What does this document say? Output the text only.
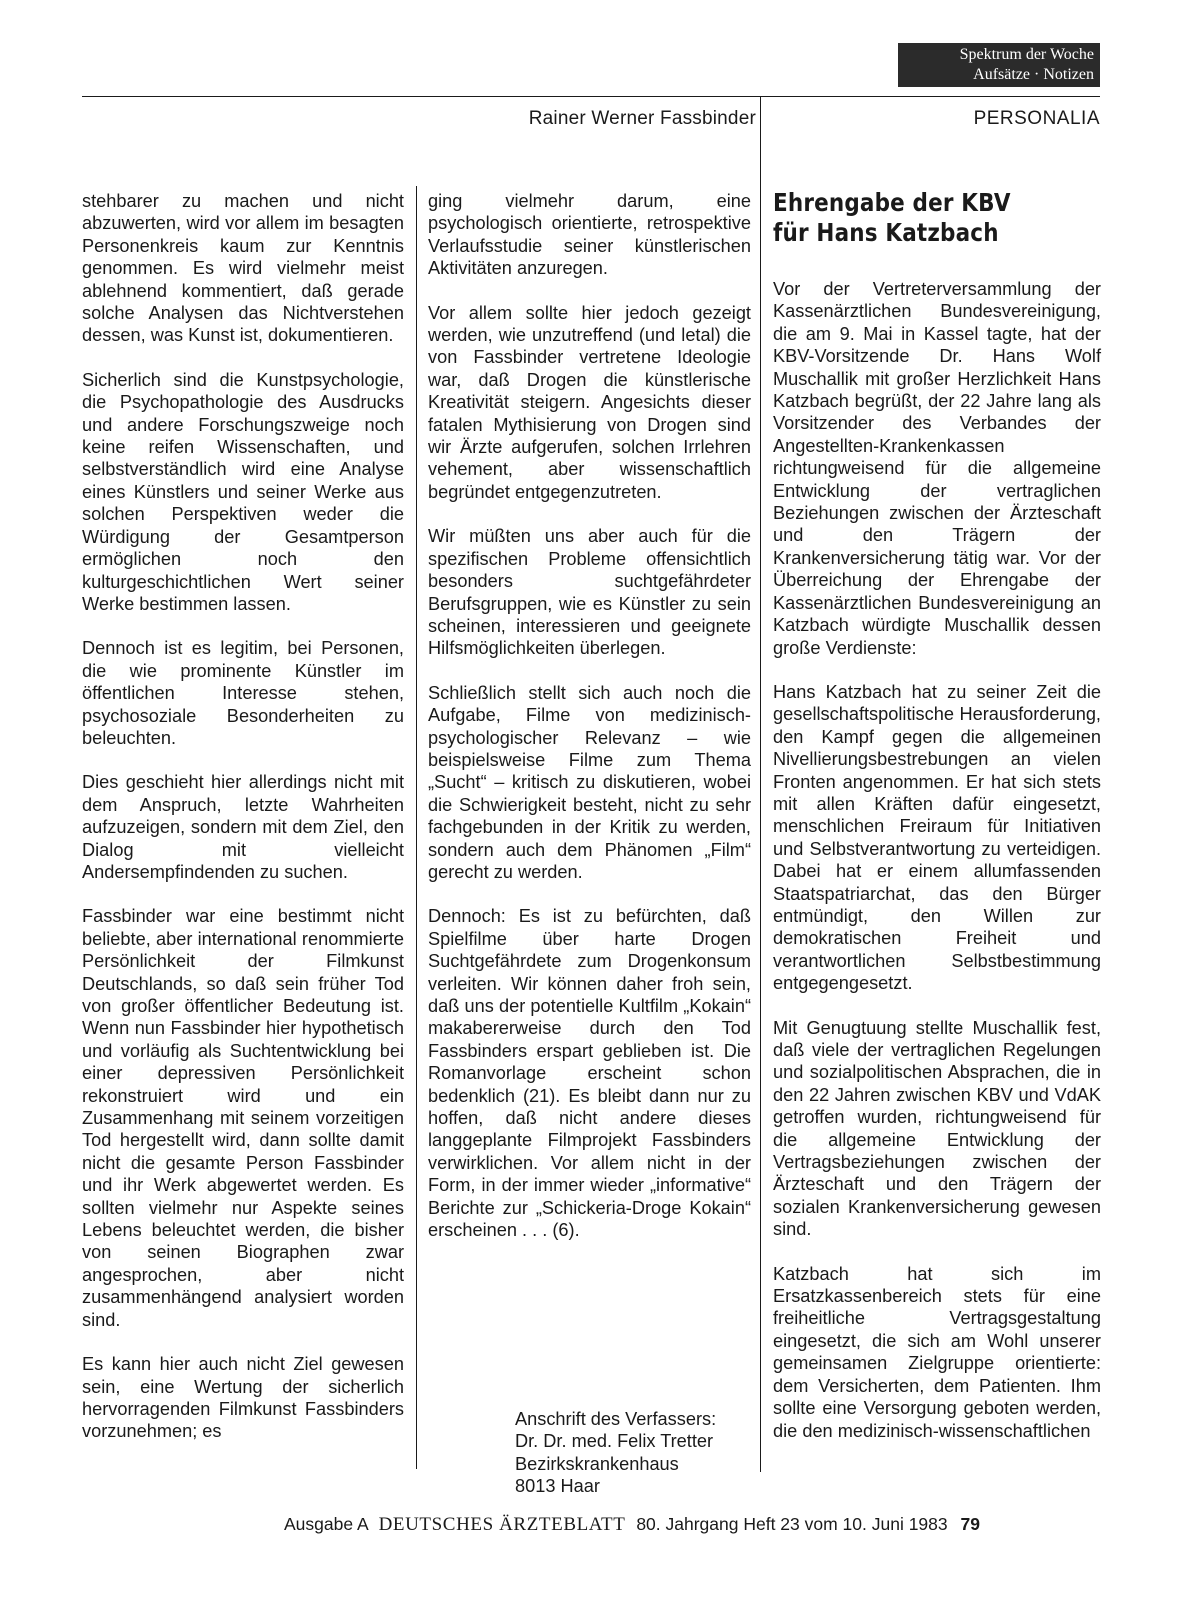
Spektrum der Woche
Aufsätze · Notizen
Rainer Werner Fassbinder	PERSONALIA

stehbarer zu machen und nicht abzuwerten, wird vor allem im besagten Personenkreis kaum zur Kenntnis genommen. Es wird vielmehr meist ablehnend kommentiert, daß gerade solche Analysen das Nichtverstehen dessen, was Kunst ist, dokumentieren.

Sicherlich sind die Kunstpsychologie, die Psychopathologie des Ausdrucks und andere Forschungszweige noch keine reifen Wissenschaften, und selbstverständlich wird eine Analyse eines Künstlers und seiner Werke aus solchen Perspektiven weder die Würdigung der Gesamtperson ermöglichen noch den kulturgeschichtlichen Wert seiner Werke bestimmen lassen.

Dennoch ist es legitim, bei Personen, die wie prominente Künstler im öffentlichen Interesse stehen, psychosoziale Besonderheiten zu beleuchten.

Dies geschieht hier allerdings nicht mit dem Anspruch, letzte Wahrheiten aufzuzeigen, sondern mit dem Ziel, den Dialog mit vielleicht Andersempfindenden zu suchen.

Fassbinder war eine bestimmt nicht beliebte, aber international renommierte Persönlichkeit der Filmkunst Deutschlands, so daß sein früher Tod von großer öffentlicher Bedeutung ist. Wenn nun Fassbinder hier hypothetisch und vorläufig als Suchtentwicklung bei einer depressiven Persönlichkeit rekonstruiert wird und ein Zusammenhang mit seinem vorzeitigen Tod hergestellt wird, dann sollte damit nicht die gesamte Person Fassbinder und ihr Werk abgewertet werden. Es sollten vielmehr nur Aspekte seines Lebens beleuchtet werden, die bisher von seinen Biographen zwar angesprochen, aber nicht zusammenhängend analysiert worden sind.

Es kann hier auch nicht Ziel gewesen sein, eine Wertung der sicherlich hervorragenden Filmkunst Fassbinders vorzunehmen; es

ging vielmehr darum, eine psychologisch orientierte, retrospektive Verlaufsstudie seiner künstlerischen Aktivitäten anzuregen.

Vor allem sollte hier jedoch gezeigt werden, wie unzutreffend (und letal) die von Fassbinder vertretene Ideologie war, daß Drogen die künstlerische Kreativität steigern. Angesichts dieser fatalen Mythisierung von Drogen sind wir Ärzte aufgerufen, solchen Irrlehren vehement, aber wissenschaftlich begründet entgegenzutreten.

Wir müßten uns aber auch für die spezifischen Probleme offensichtlich besonders suchtgefährdeter Berufsgruppen, wie es Künstler zu sein scheinen, interessieren und geeignete Hilfsmöglichkeiten überlegen.

Schließlich stellt sich auch noch die Aufgabe, Filme von medizinisch-psychologischer Relevanz – wie beispielsweise Filme zum Thema „Sucht“ – kritisch zu diskutieren, wobei die Schwierigkeit besteht, nicht zu sehr fachgebunden in der Kritik zu werden, sondern auch dem Phänomen „Film“ gerecht zu werden.

Dennoch: Es ist zu befürchten, daß Spielfilme über harte Drogen Suchtgefährdete zum Drogenkonsum verleiten. Wir können daher froh sein, daß uns der potentielle Kultfilm „Kokain“ makabererweise durch den Tod Fassbinders erspart geblieben ist. Die Romanvorlage erscheint schon bedenklich (21). Es bleibt dann nur zu hoffen, daß nicht andere dieses langgeplante Filmprojekt Fassbinders verwirklichen. Vor allem nicht in der Form, in der immer wieder „informative“ Berichte zur „Schickeria-Droge Kokain“ erscheinen . . . (6).

Anschrift des Verfassers:
Dr. Dr. med. Felix Tretter
Bezirkskrankenhaus
8013 Haar
Ehrengabe der KBV
für Hans Katzbach

Vor der Vertreterversammlung der Kassenärztlichen Bundesvereinigung, die am 9. Mai in Kassel tagte, hat der KBV-Vorsitzende Dr. Hans Wolf Muschallik mit großer Herzlichkeit Hans Katzbach begrüßt, der 22 Jahre lang als Vorsitzender des Verbandes der Angestellten-Krankenkassen richtungweisend für die allgemeine Entwicklung der vertraglichen Beziehungen zwischen der Ärzteschaft und den Trägern der Krankenversicherung tätig war. Vor der Überreichung der Ehrengabe der Kassenärztlichen Bundesvereinigung an Katzbach würdigte Muschallik dessen große Verdienste:

Hans Katzbach hat zu seiner Zeit die gesellschaftspolitische Herausforderung, den Kampf gegen die allgemeinen Nivellierungsbestrebungen an vielen Fronten angenommen. Er hat sich stets mit allen Kräften dafür eingesetzt, menschlichen Freiraum für Initiativen und Selbstverantwortung zu verteidigen. Dabei hat er einem allumfassenden Staatspatriarchat, das den Bürger entmündigt, den Willen zur demokratischen Freiheit und verantwortlichen Selbstbestimmung entgegengesetzt.

Mit Genugtuung stellte Muschallik fest, daß viele der vertraglichen Regelungen und sozialpolitischen Absprachen, die in den 22 Jahren zwischen KBV und VdAK getroffen wurden, richtungweisend für die allgemeine Entwicklung der Vertragsbeziehungen zwischen der Ärzteschaft und den Trägern der sozialen Krankenversicherung gewesen sind.

Katzbach hat sich im Ersatzkassenbereich stets für eine freiheitliche Vertragsgestaltung eingesetzt, die sich am Wohl unserer gemeinsamen Zielgruppe orientierte: dem Versicherten, dem Patienten. Ihm sollte eine Versorgung geboten werden, die den medizinisch-wissenschaftlichen

Ausgabe A DEUTSCHES ÄRZTEBLATT 80. Jahrgang Heft 23 vom 10. Juni 1983 79
